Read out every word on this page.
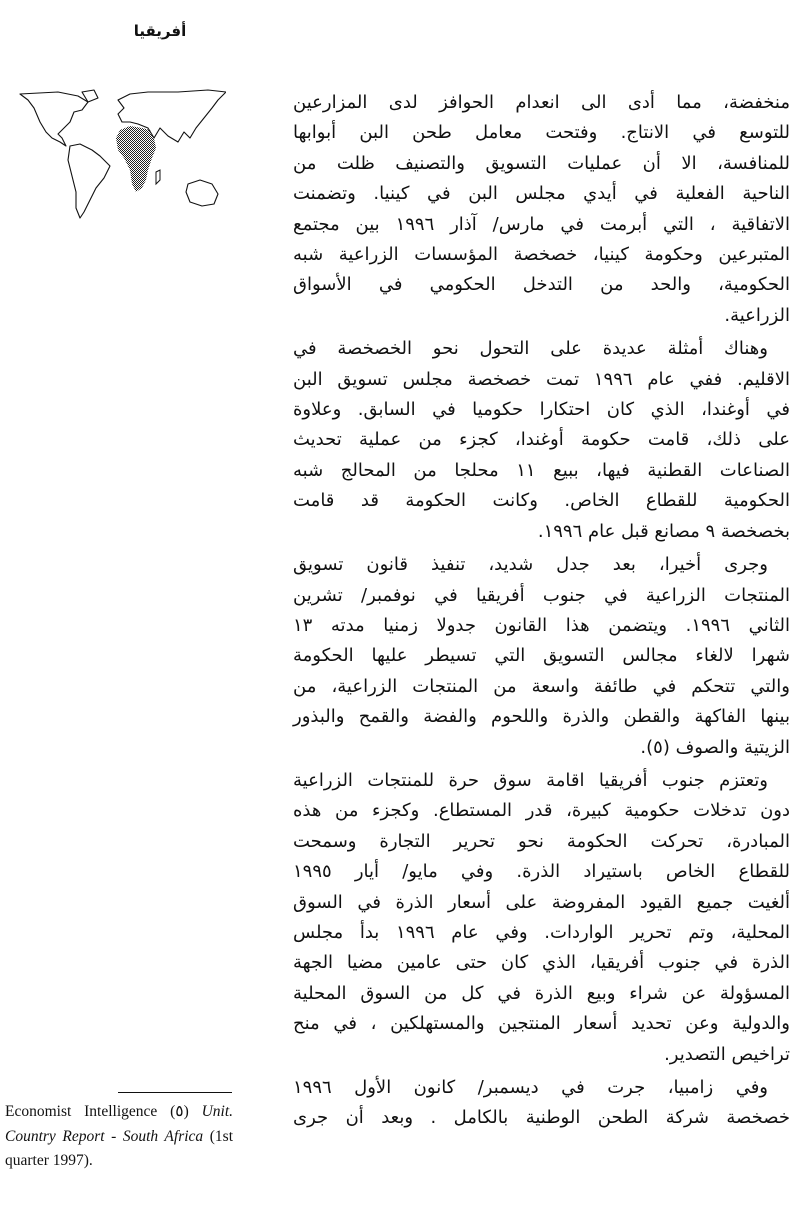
أفريقيا
منخفضة، مما أدى الى انعدام الحوافز لدى المزارعين
للتوسع في الانتاج. وفتحت معامل طحن البن أبوابها
للمنافسة، الا أن عمليات التسويق والتصنيف ظلت من
الناحية الفعلية في أيدي مجلس البن في كينيا. وتضمنت
الاتفاقية ، التي أبرمت في مارس/ آذار ١٩٩٦ بين مجتمع
المتبرعين وحكومة كينيا، خصخصة المؤسسات الزراعية شبه
الحكومية، والحد من التدخل الحكومي في الأسواق
الزراعية.
وهناك أمثلة عديدة على التحول نحو الخصخصة في
الاقليم. ففي عام ١٩٩٦ تمت خصخصة مجلس تسويق البن
في أوغندا، الذي كان احتكارا حكوميا في السابق. وعلاوة
على ذلك، قامت حكومة أوغندا، كجزء من عملية تحديث
الصناعات القطنية فيها، ببيع ١١ محلجا من المحالج شبه
الحكومية للقطاع الخاص. وكانت الحكومة قد قامت
بخصخصة ٩ مصانع قبل عام ١٩٩٦.
وجرى أخيرا، بعد جدل شديد، تنفيذ قانون تسويق
المنتجات الزراعية في جنوب أفريقيا في نوفمبر/ تشرين
الثاني ١٩٩٦. ويتضمن هذا القانون جدولا زمنيا مدته ١٣
شهرا لالغاء مجالس التسويق التي تسيطر عليها الحكومة
والتي تتحكم في طائفة واسعة من المنتجات الزراعية، من
بينها الفاكهة والقطن والذرة واللحوم والفضة والقمح والبذور
الزيتية والصوف (٥).
وتعتزم جنوب أفريقيا اقامة سوق حرة للمنتجات الزراعية
دون تدخلات حكومية كبيرة، قدر المستطاع. وكجزء من هذه
المبادرة، تحركت الحكومة نحو تحرير التجارة وسمحت
للقطاع الخاص باستيراد الذرة. وفي مايو/ أيار ١٩٩٥
ألغيت جميع القيود المفروضة على أسعار الذرة في السوق
المحلية، وتم تحرير الواردات. وفي عام ١٩٩٦ بدأ مجلس
الذرة في جنوب أفريقيا، الذي كان حتى عامين مضيا الجهة
المسؤولة عن شراء وبيع الذرة في كل من السوق المحلية
والدولية وعن تحديد أسعار المنتجين والمستهلكين ، في منح
تراخيص التصدير.
وفي زامبيا، جرت في ديسمبر/ كانون الأول ١٩٩٦
خصخصة شركة الطحن الوطنية بالكامل . وبعد أن جرى
Economist Intelligence (٥) Unit. Country Report - South Africa (1st quarter 1997).
